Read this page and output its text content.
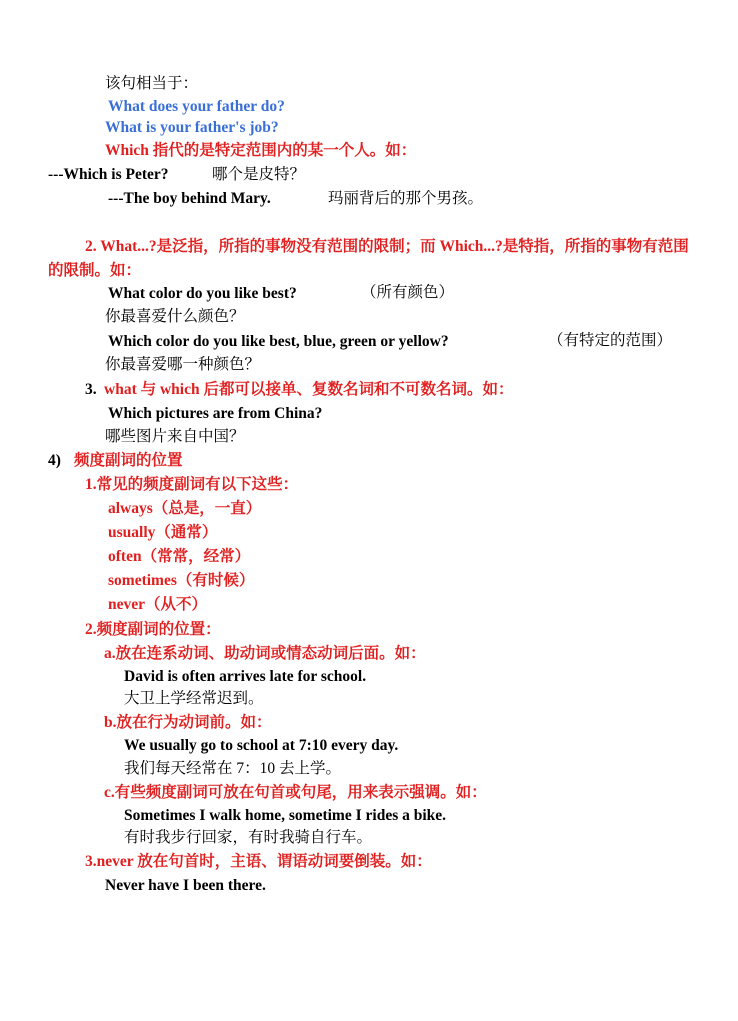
该句相当于：
What does your father do?
What is your father's job?
Which 指代的是特定范围内的某一个人。如：
---Which is Peter?	哪个是皮特？
---The boy behind Mary.	玛丽背后的那个男孩。
2. What...?是泛指，所指的事物没有范围的限制；而 Which...?是特指，所指的事物有范围的限制。如：
What color do you like best?	（所有颜色）
你最喜爱什么颜色？
Which color do you like best, blue, green or yellow?	（有特定的范围）
你最喜爱哪一种颜色？
3. what 与 which 后都可以接单、复数名词和不可数名词。如：
Which pictures are from China?
哪些图片来自中国？
4) 频度副词的位置
1.常见的频度副词有以下这些：
always（总是，一直）
usually（通常）
often（常常，经常）
sometimes（有时候）
never（从不）
2.频度副词的位置：
a.放在连系动词、助动词或情态动词后面。如：
David is often arrives late for school.
大卫上学经常迟到。
b.放在行为动词前。如：
We usually go to school at 7:10 every day.
我们每天经常在 7：10 去上学。
c.有些频度副词可放在句首或句尾，用来表示强调。如：
Sometimes I walk home, sometime I rides a bike.
有时我步行回家，有时我骑自行车。
3.never 放在句首时，主语、谓语动词要倒装。如：
Never have I been there.
